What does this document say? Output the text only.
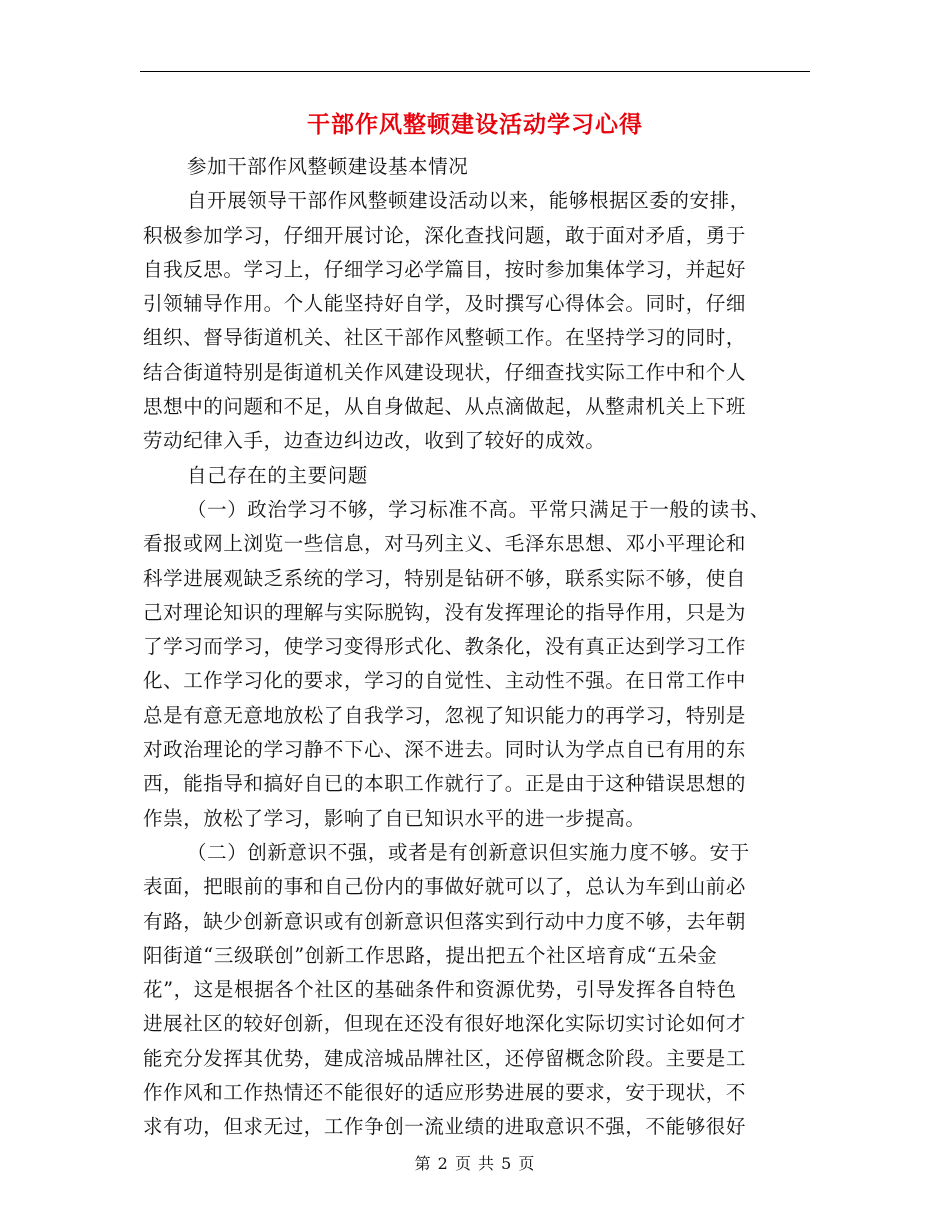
干部作风整顿建设活动学习心得
参加干部作风整顿建设基本情况
自开展领导干部作风整顿建设活动以来，能够根据区委的安排，
积极参加学习，仔细开展讨论，深化查找问题，敢于面对矛盾，勇于
自我反思。学习上，仔细学习必学篇目，按时参加集体学习，并起好
引领辅导作用。个人能坚持好自学，及时撰写心得体会。同时，仔细
组织、督导街道机关、社区干部作风整顿工作。在坚持学习的同时，
结合街道特别是街道机关作风建设现状，仔细查找实际工作中和个人
思想中的问题和不足，从自身做起、从点滴做起，从整肃机关上下班
劳动纪律入手，边查边纠边改，收到了较好的成效。
自己存在的主要问题
（一）政治学习不够，学习标准不高。平常只满足于一般的读书、
看报或网上浏览一些信息，对马列主义、毛泽东思想、邓小平理论和
科学进展观缺乏系统的学习，特别是钻研不够，联系实际不够，使自
己对理论知识的理解与实际脱钩，没有发挥理论的指导作用，只是为
了学习而学习，使学习变得形式化、教条化，没有真正达到学习工作
化、工作学习化的要求，学习的自觉性、主动性不强。在日常工作中
总是有意无意地放松了自我学习，忽视了知识能力的再学习，特别是
对政治理论的学习静不下心、深不进去。同时认为学点自已有用的东
西，能指导和搞好自已的本职工作就行了。正是由于这种错误思想的
作祟，放松了学习，影响了自已知识水平的进一步提高。
（二）创新意识不强，或者是有创新意识但实施力度不够。安于
表面，把眼前的事和自己份内的事做好就可以了，总认为车到山前必
有路，缺少创新意识或有创新意识但落实到行动中力度不够，去年朝
阳街道“三级联创”创新工作思路，提出把五个社区培育成“五朵金
花”，这是根据各个社区的基础条件和资源优势，引导发挥各自特色
进展社区的较好创新，但现在还没有很好地深化实际切实讨论如何才
能充分发挥其优势，建成涪城品牌社区，还停留概念阶段。主要是工
作作风和工作热情还不能很好的适应形势进展的要求，安于现状，不
求有功，但求无过，工作争创一流业绩的进取意识不强，不能够很好
第 2 页 共 5 页
